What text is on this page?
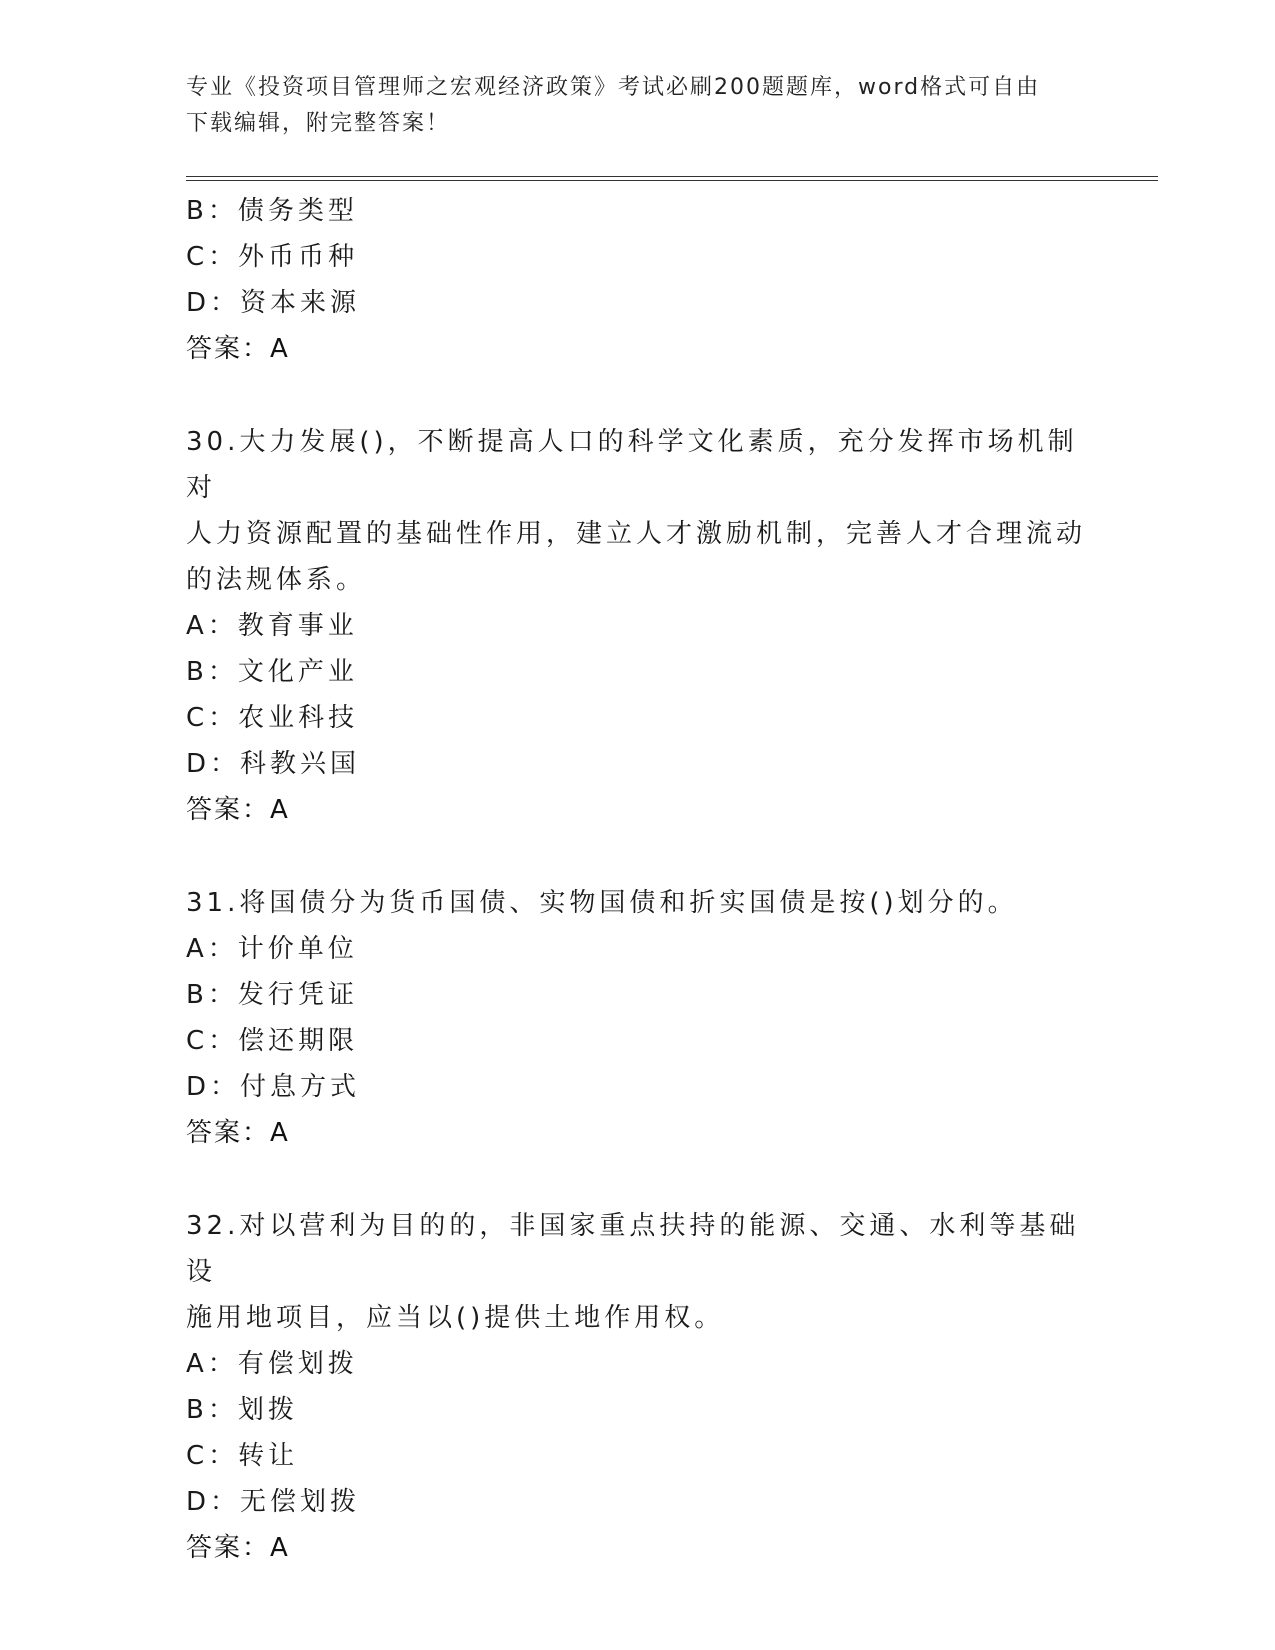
专业《投资项目管理师之宏观经济政策》考试必刷200题题库，word格式可自由
下载编辑，附完整答案！
B：债务类型
C：外币币种
D：资本来源
答案：A
30.大力发展()，不断提高人口的科学文化素质，充分发挥市场机制对
人力资源配置的基础性作用，建立人才激励机制，完善人才合理流动
的法规体系。
A：教育事业
B：文化产业
C：农业科技
D：科教兴国
答案：A
31.将国债分为货币国债、实物国债和折实国债是按()划分的。
A：计价单位
B：发行凭证
C：偿还期限
D：付息方式
答案：A
32.对以营利为目的的，非国家重点扶持的能源、交通、水利等基础设
施用地项目，应当以()提供土地作用权。
A：有偿划拨
B：划拨
C：转让
D：无偿划拨
答案：A
